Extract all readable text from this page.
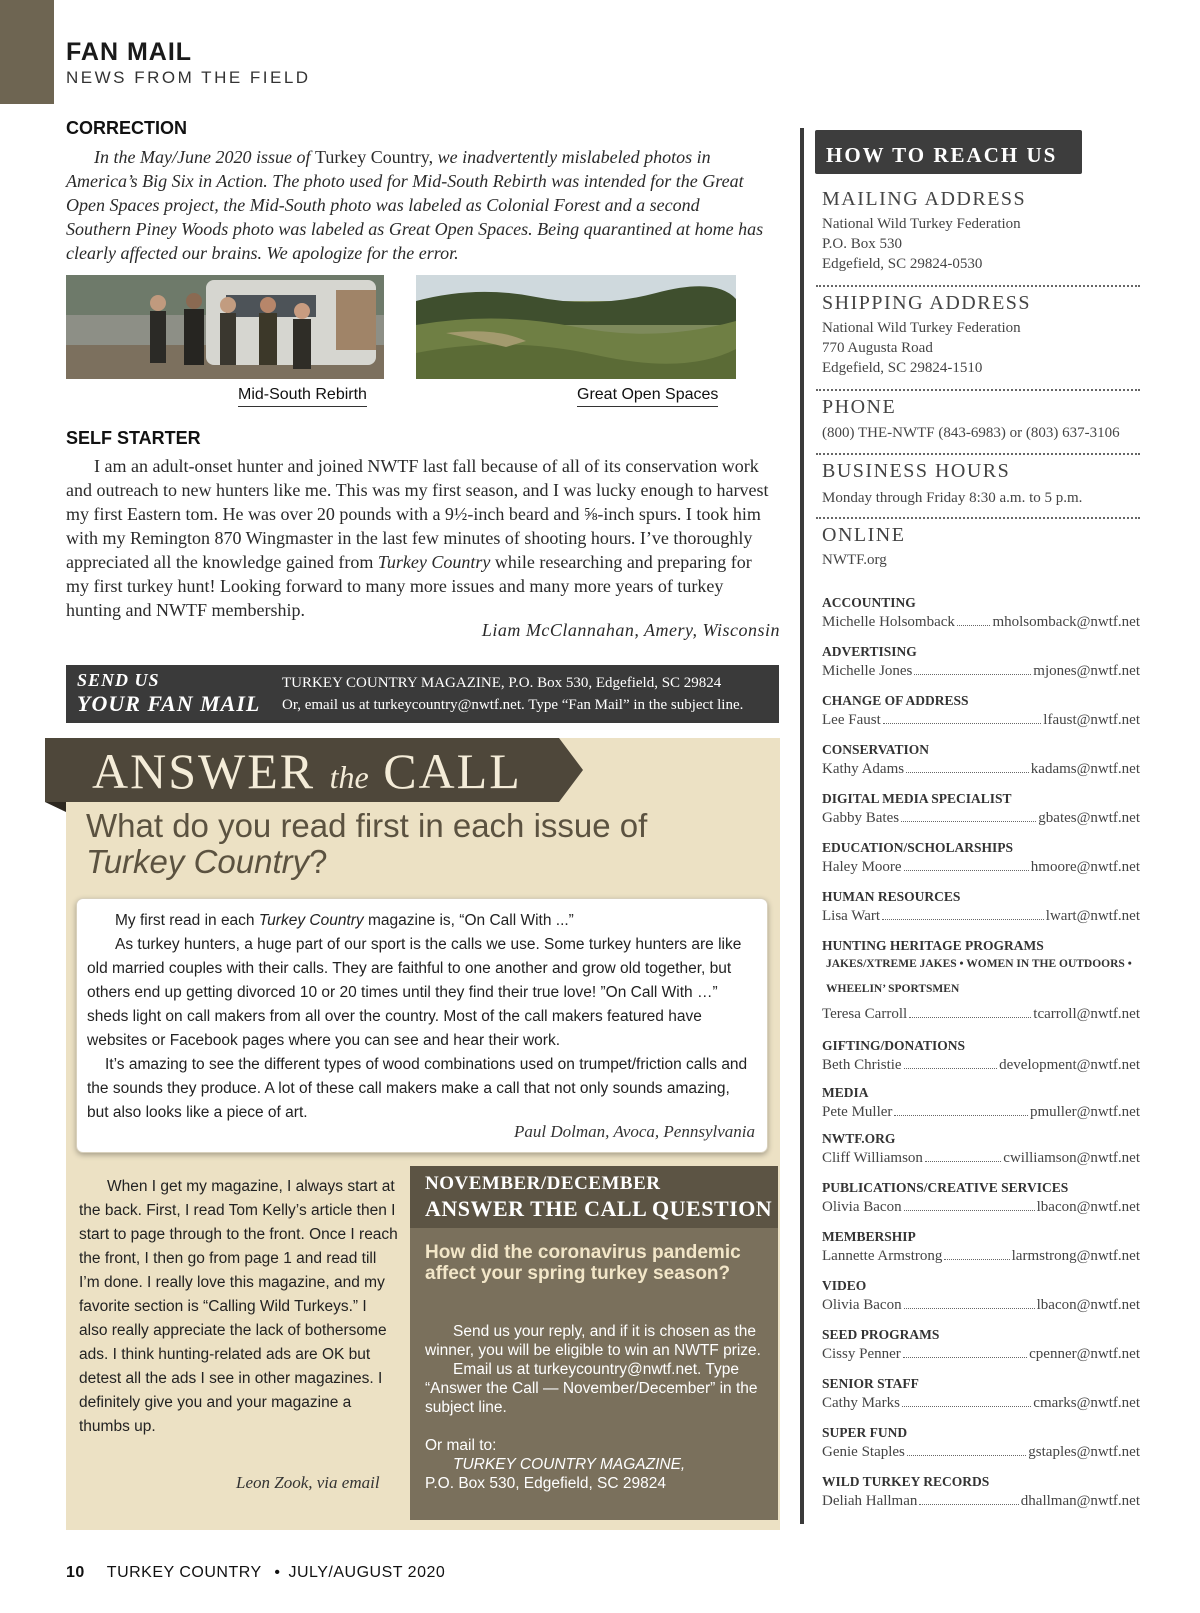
FAN MAIL
NEWS FROM THE FIELD
CORRECTION

In the May/June 2020 issue of Turkey Country, we inadvertently mislabeled photos in America’s Big Six in Action. The photo used for Mid-South Rebirth was intended for the Great Open Spaces project, the Mid-South photo was labeled as Colonial Forest and a second Southern Piney Woods photo was labeled as Great Open Spaces. Being quarantined at home has clearly affected our brains. We apologize for the error.

Mid-South Rebirth	Great Open Spaces
SELF STARTER

I am an adult-onset hunter and joined NWTF last fall because of all of its conservation work and outreach to new hunters like me. This was my first season, and I was lucky enough to harvest my first Eastern tom. He was over 20 pounds with a 9½-inch beard and ⅝-inch spurs. I took him with my Remington 870 Wingmaster in the last few minutes of shooting hours. I’ve thoroughly appreciated all the knowledge gained from Turkey Country while researching and preparing for my first turkey hunt! Looking forward to many more issues and many more years of turkey hunting and NWTF membership.

Liam McClannahan, Amery, Wisconsin
SEND US
YOUR FAN MAIL
TURKEY COUNTRY MAGAZINE, P.O. Box 530, Edgefield, SC 29824
Or, email us at turkeycountry@nwtf.net. Type “Fan Mail” in the subject line.
ANSWER the CALL
What do you read first in each issue of Turkey Country?

My first read in each Turkey Country magazine is, “On Call With ...”

As turkey hunters, a huge part of our sport is the calls we use. Some turkey hunters are like old married couples with their calls. They are faithful to one another and grow old together, but others end up getting divorced 10 or 20 times until they find their true love! ”On Call With …” sheds light on call makers from all over the country. Most of the call makers featured have websites or Facebook pages where you can see and hear their work.

It’s amazing to see the different types of wood combinations used on trumpet/friction calls and the sounds they produce. A lot of these call makers make a call that not only sounds amazing, but also looks like a piece of art.

Paul Dolman, Avoca, Pennsylvania

When I get my magazine, I always start at the back. First, I read Tom Kelly’s article then I start to page through to the front. Once I reach the front, I then go from page 1 and read till I’m done. I really love this magazine, and my favorite section is “Calling Wild Turkeys.” I also really appreciate the lack of bothersome ads. I think hunting-related ads are OK but detest all the ads I see in other magazines. I definitely give you and your magazine a thumbs up.

Leon Zook, via email
NOVEMBER/DECEMBER
ANSWER THE CALL QUESTION
How did the coronavirus pandemic affect your spring turkey season?

Send us your reply, and if it is chosen as the winner, you will be eligible to win an NWTF prize.

Email us at turkeycountry@nwtf.net. Type “Answer the Call — November/December” in the subject line.

Or mail to:

TURKEY COUNTRY MAGAZINE,

P.O. Box 530, Edgefield, SC 29824

HOW TO REACH US
MAILING ADDRESS
National Wild Turkey Federation
P.O. Box 530
Edgefield, SC 29824-0530
SHIPPING ADDRESS
National Wild Turkey Federation
770 Augusta Road
Edgefield, SC 29824-1510
PHONE
(800) THE-NWTF (843-6983) or (803) 637-3106
BUSINESS HOURS
Monday through Friday 8:30 a.m. to 5 p.m.
ONLINE
NWTF.org
ACCOUNTING
Michelle Holsomback	mholsomback@nwtf.net
ADVERTISING
Michelle Jones	mjones@nwtf.net
CHANGE OF ADDRESS
Lee Faust	lfaust@nwtf.net
CONSERVATION
Kathy Adams	kadams@nwtf.net
DIGITAL MEDIA SPECIALIST
Gabby Bates	gbates@nwtf.net
EDUCATION/SCHOLARSHIPS
Haley Moore	hmoore@nwtf.net
HUMAN RESOURCES
Lisa Wart	lwart@nwtf.net
HUNTING HERITAGE PROGRAMS
Teresa Carroll	tcarroll@nwtf.net
GIFTING/DONATIONS
Beth Christie	development@nwtf.net
MEDIA
Pete Muller	pmuller@nwtf.net
NWTF.ORG
Cliff Williamson	cwilliamson@nwtf.net
PUBLICATIONS/CREATIVE SERVICES
Olivia Bacon	lbacon@nwtf.net
MEMBERSHIP
Lannette Armstrong	larmstrong@nwtf.net
VIDEO
Olivia Bacon	lbacon@nwtf.net
SEED PROGRAMS
Cissy Penner	cpenner@nwtf.net
SENIOR STAFF
Cathy Marks	cmarks@nwtf.net
SUPER FUND
Genie Staples	gstaples@nwtf.net
WILD TURKEY RECORDS
Deliah Hallman	dhallman@nwtf.net
JAKES/XTREME JAKES • WOMEN IN THE OUTDOORS •
WHEELIN’ SPORTSMEN
10 TURKEY COUNTRY • JULY/AUGUST 2020
